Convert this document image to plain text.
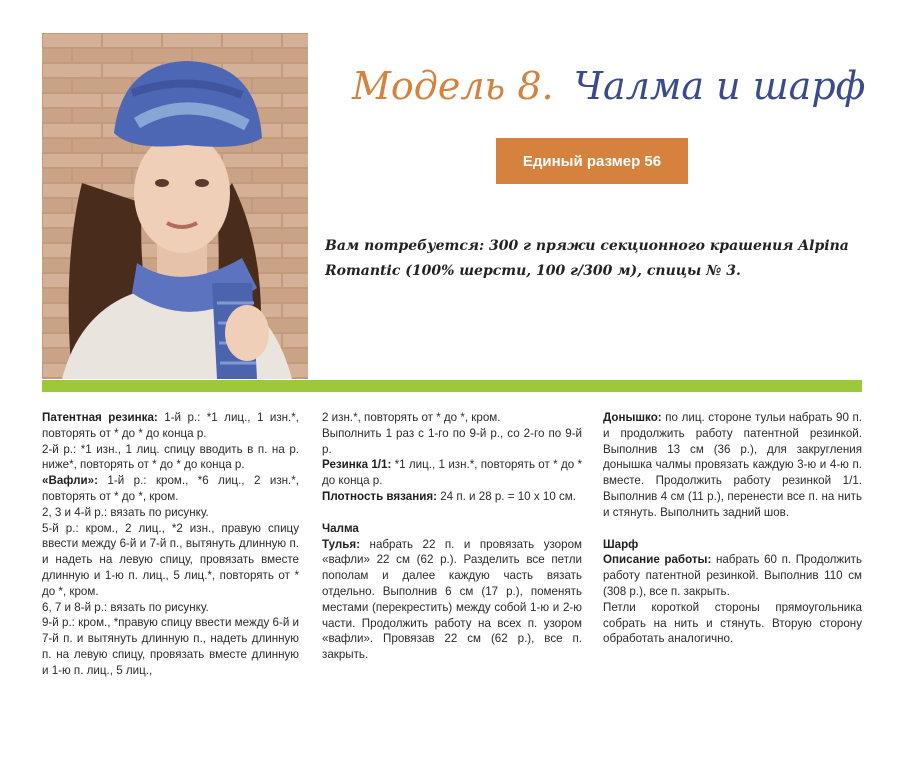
Модель 8. Чалма и шарф
Единый размер 56
Вам потребуется: 300 г пряжи секционного крашения Alpina Romantic (100% шерсти, 100 г/300 м), спицы № 3.

Патентная резинка: 1-й р.: *1 лиц., 1 изн.*, повторять от * до * до конца р.

2-й р.: *1 изн., 1 лиц. спицу вводить в п. на р. ниже*, повторять от * до * до конца р.

«Вафли»: 1-й р.: кром., *6 лиц., 2 изн.*, повторять от * до *, кром.

2, 3 и 4-й р.: вязать по рисунку.

5-й р.: кром., 2 лиц., *2 изн., правую спицу ввести между 6-й и 7-й п., вытянуть длинную п. и надеть на левую спицу, провязать вместе длинную и 1-ю п. лиц., 5 лиц.*, повторять от * до *, кром.

6, 7 и 8-й р.: вязать по рисунку.

9-й р.: кром., *правую спицу ввести между 6-й и 7-й п. и вытянуть длинную п., надеть длинную п. на левую спицу, провязать вместе длинную и 1-ю п. лиц., 5 лиц.,

2 изн.*, повторять от * до *, кром.

Выполнить 1 раз с 1-го по 9-й р., со 2-го по 9-й р.

Резинка 1/1: *1 лиц., 1 изн.*, повторять от * до * до конца р.

Плотность вязания: 24 п. и 28 р. = 10 х 10 см.

Чалма

Тулья: набрать 22 п. и провязать узором «вафли» 22 см (62 р.). Разделить все петли пополам и далее каждую часть вязать отдельно. Выполнив 6 см (17 р.), поменять местами (перекрестить) между собой 1-ю и 2-ю части. Продолжить работу на всех п. узором «вафли». Провязав 22 см (62 р.), все п. закрыть.

Донышко: по лиц. стороне тульи набрать 90 п. и продолжить работу патентной резинкой. Выполнив 13 см (36 р.), для закругления донышка чалмы провязать каждую 3-ю и 4-ю п. вместе. Продолжить работу резинкой 1/1. Выполнив 4 см (11 р.), перенести все п. на нить и стянуть. Выполнить задний шов.

Шарф

Описание работы: набрать 60 п. Продолжить работу патентной резинкой. Выполнив 110 см (308 р.), все п. закрыть.

Петли короткой стороны прямоугольника собрать на нить и стянуть. Вторую сторону обработать аналогично.
